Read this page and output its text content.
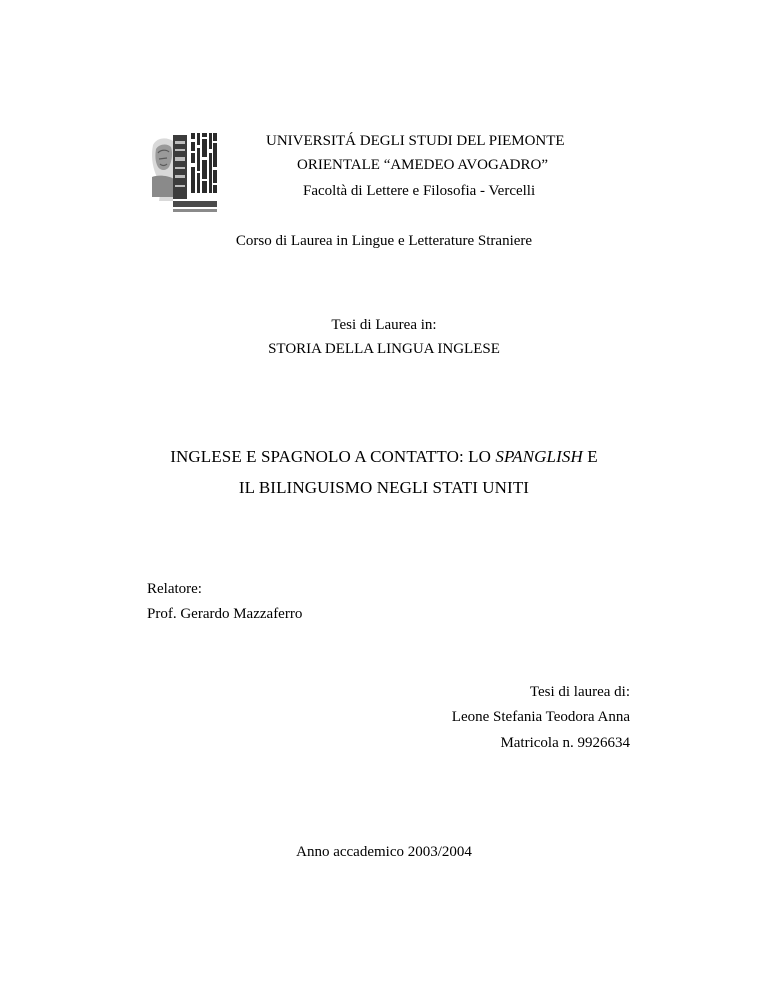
UNIVERSITÁ DEGLI STUDI DEL PIEMONTE
ORIENTALE “AMEDEO AVOGADRO”
Facoltà di Lettere e Filosofia - Vercelli
Corso di Laurea in Lingue e Letterature Straniere
Tesi di Laurea in:
STORIA DELLA LINGUA INGLESE
INGLESE E SPAGNOLO A CONTATTO: LO SPANGLISH E
IL BILINGUISMO NEGLI STATI UNITI
Relatore:
Prof. Gerardo Mazzaferro
Tesi di laurea di:
Leone Stefania Teodora Anna
Matricola n. 9926634
Anno accademico 2003/2004
